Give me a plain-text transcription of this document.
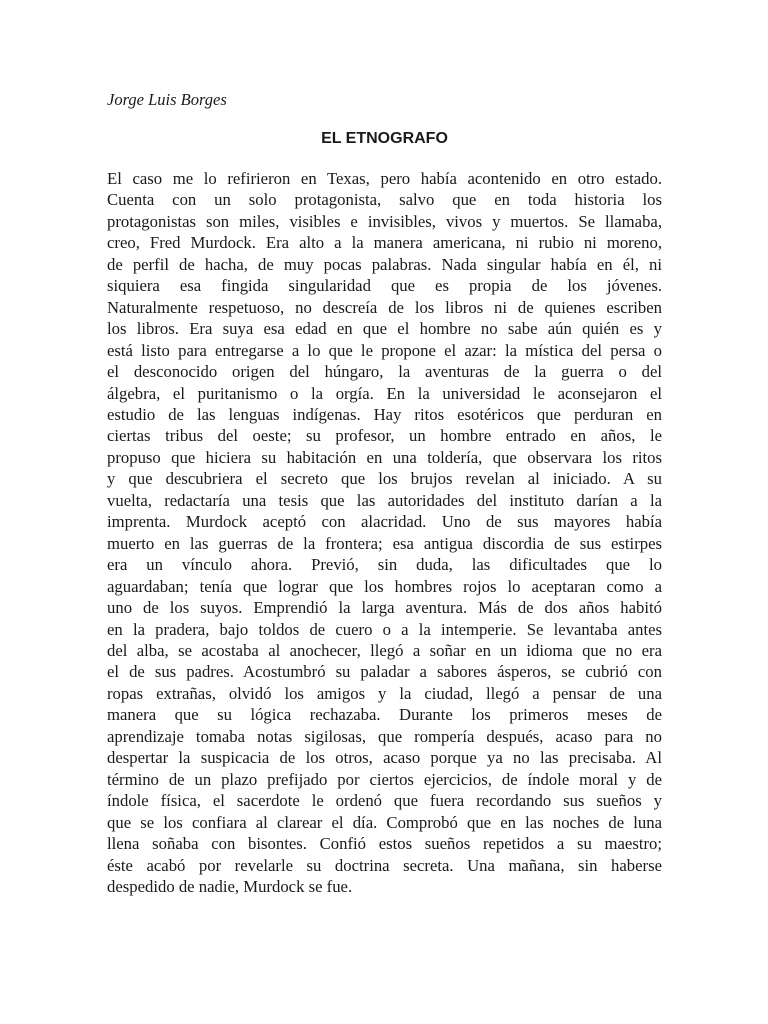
Jorge Luis Borges
EL ETNOGRAFO
El caso me lo refirieron en Texas, pero había acontenido en otro estado.
Cuenta con un solo protagonista, salvo que en toda historia los
protagonistas son miles, visibles e invisibles, vivos y muertos. Se llamaba,
creo, Fred Murdock. Era alto a la manera americana, ni rubio ni moreno,
de perfil de hacha, de muy pocas palabras. Nada singular había en él, ni
siquiera esa fingida singularidad que es propia de los jóvenes.
Naturalmente respetuoso, no descreía de los libros ni de quienes escriben
los libros. Era suya esa edad en que el hombre no sabe aún quién es y
está listo para entregarse a lo que le propone el azar: la mística del persa o
el desconocido origen del húngaro, la aventuras de la guerra o del
álgebra, el puritanismo o la orgía. En la universidad le aconsejaron el
estudio de las lenguas indígenas. Hay ritos esotéricos que perduran en
ciertas tribus del oeste; su profesor, un hombre entrado en años, le
propuso que hiciera su habitación en una toldería, que observara los ritos
y que descubriera el secreto que los brujos revelan al iniciado. A su
vuelta, redactaría una tesis que las autoridades del instituto darían a la
imprenta. Murdock aceptó con alacridad. Uno de sus mayores había
muerto en las guerras de la frontera; esa antigua discordia de sus estirpes
era un vínculo ahora. Previó, sin duda, las dificultades que lo
aguardaban; tenía que lograr que los hombres rojos lo aceptaran como a
uno de los suyos. Emprendió la larga aventura. Más de dos años habitó
en la pradera, bajo toldos de cuero o a la intemperie. Se levantaba antes
del alba, se acostaba al anochecer, llegó a soñar en un idioma que no era
el de sus padres. Acostumbró su paladar a sabores ásperos, se cubrió con
ropas extrañas, olvidó los amigos y la ciudad, llegó a pensar de una
manera que su lógica rechazaba. Durante los primeros meses de
aprendizaje tomaba notas sigilosas, que rompería después, acaso para no
despertar la suspicacia de los otros, acaso porque ya no las precisaba. Al
término de un plazo prefijado por ciertos ejercicios, de índole moral y de
índole física, el sacerdote le ordenó que fuera recordando sus sueños y
que se los confiara al clarear el día. Comprobó que en las noches de luna
llena soñaba con bisontes. Confió estos sueños repetidos a su maestro;
éste acabó por revelarle su doctrina secreta. Una mañana, sin haberse
despedido de nadie, Murdock se fue.
